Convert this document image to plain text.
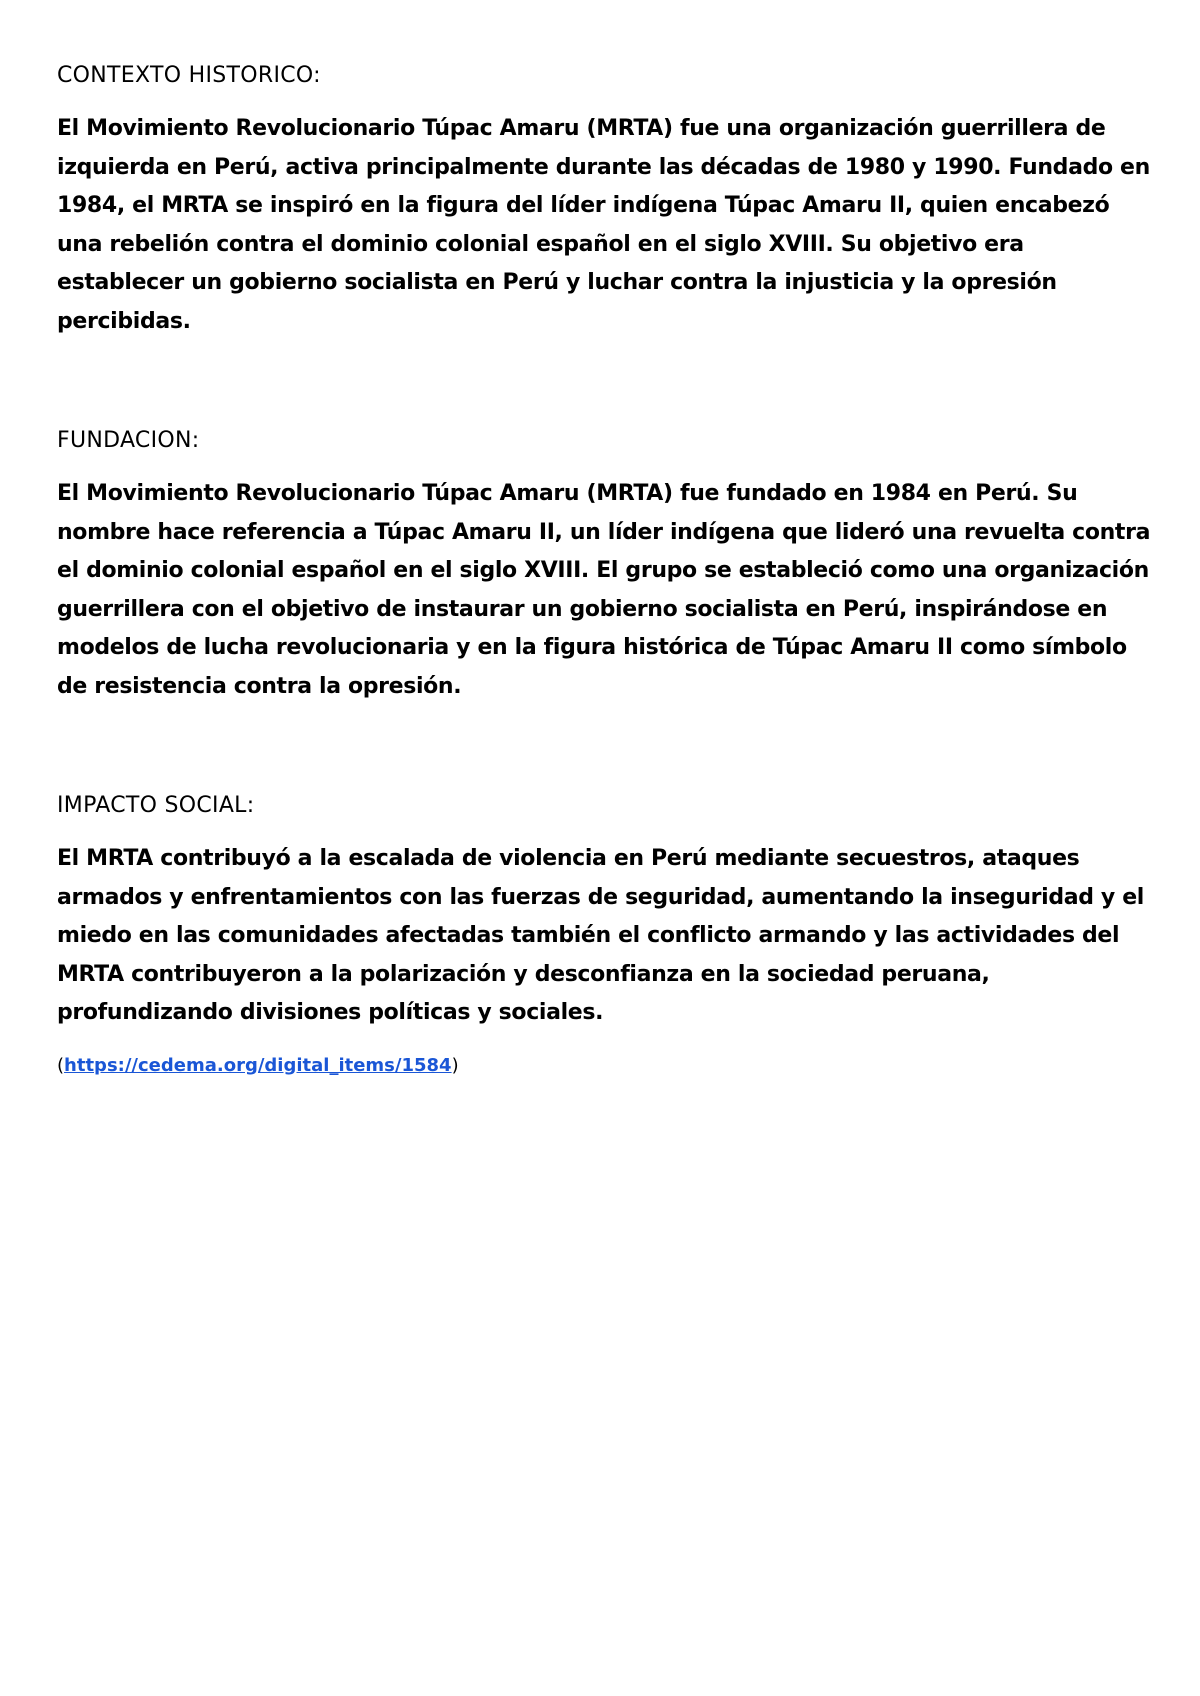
CONTEXTO HISTORICO:

El Movimiento Revolucionario Túpac Amaru (MRTA) fue una organización guerrillera de izquierda en Perú, activa principalmente durante las décadas de 1980 y 1990. Fundado en 1984, el MRTA se inspiró en la figura del líder indígena Túpac Amaru II, quien encabezó una rebelión contra el dominio colonial español en el siglo XVIII. Su objetivo era establecer un gobierno socialista en Perú y luchar contra la injusticia y la opresión percibidas.

FUNDACION:

El Movimiento Revolucionario Túpac Amaru (MRTA) fue fundado en 1984 en Perú. Su nombre hace referencia a Túpac Amaru II, un líder indígena que lideró una revuelta contra el dominio colonial español en el siglo XVIII. El grupo se estableció como una organización guerrillera con el objetivo de instaurar un gobierno socialista en Perú, inspirándose en modelos de lucha revolucionaria y en la figura histórica de Túpac Amaru II como símbolo de resistencia contra la opresión.

IMPACTO SOCIAL:

El MRTA contribuyó a la escalada de violencia en Perú mediante secuestros, ataques armados y enfrentamientos con las fuerzas de seguridad, aumentando la inseguridad y el miedo en las comunidades afectadas también el conflicto armando y las actividades del MRTA contribuyeron a la polarización y desconfianza en la sociedad peruana, profundizando divisiones políticas y sociales.

(https://cedema.org/digital_items/1584)
